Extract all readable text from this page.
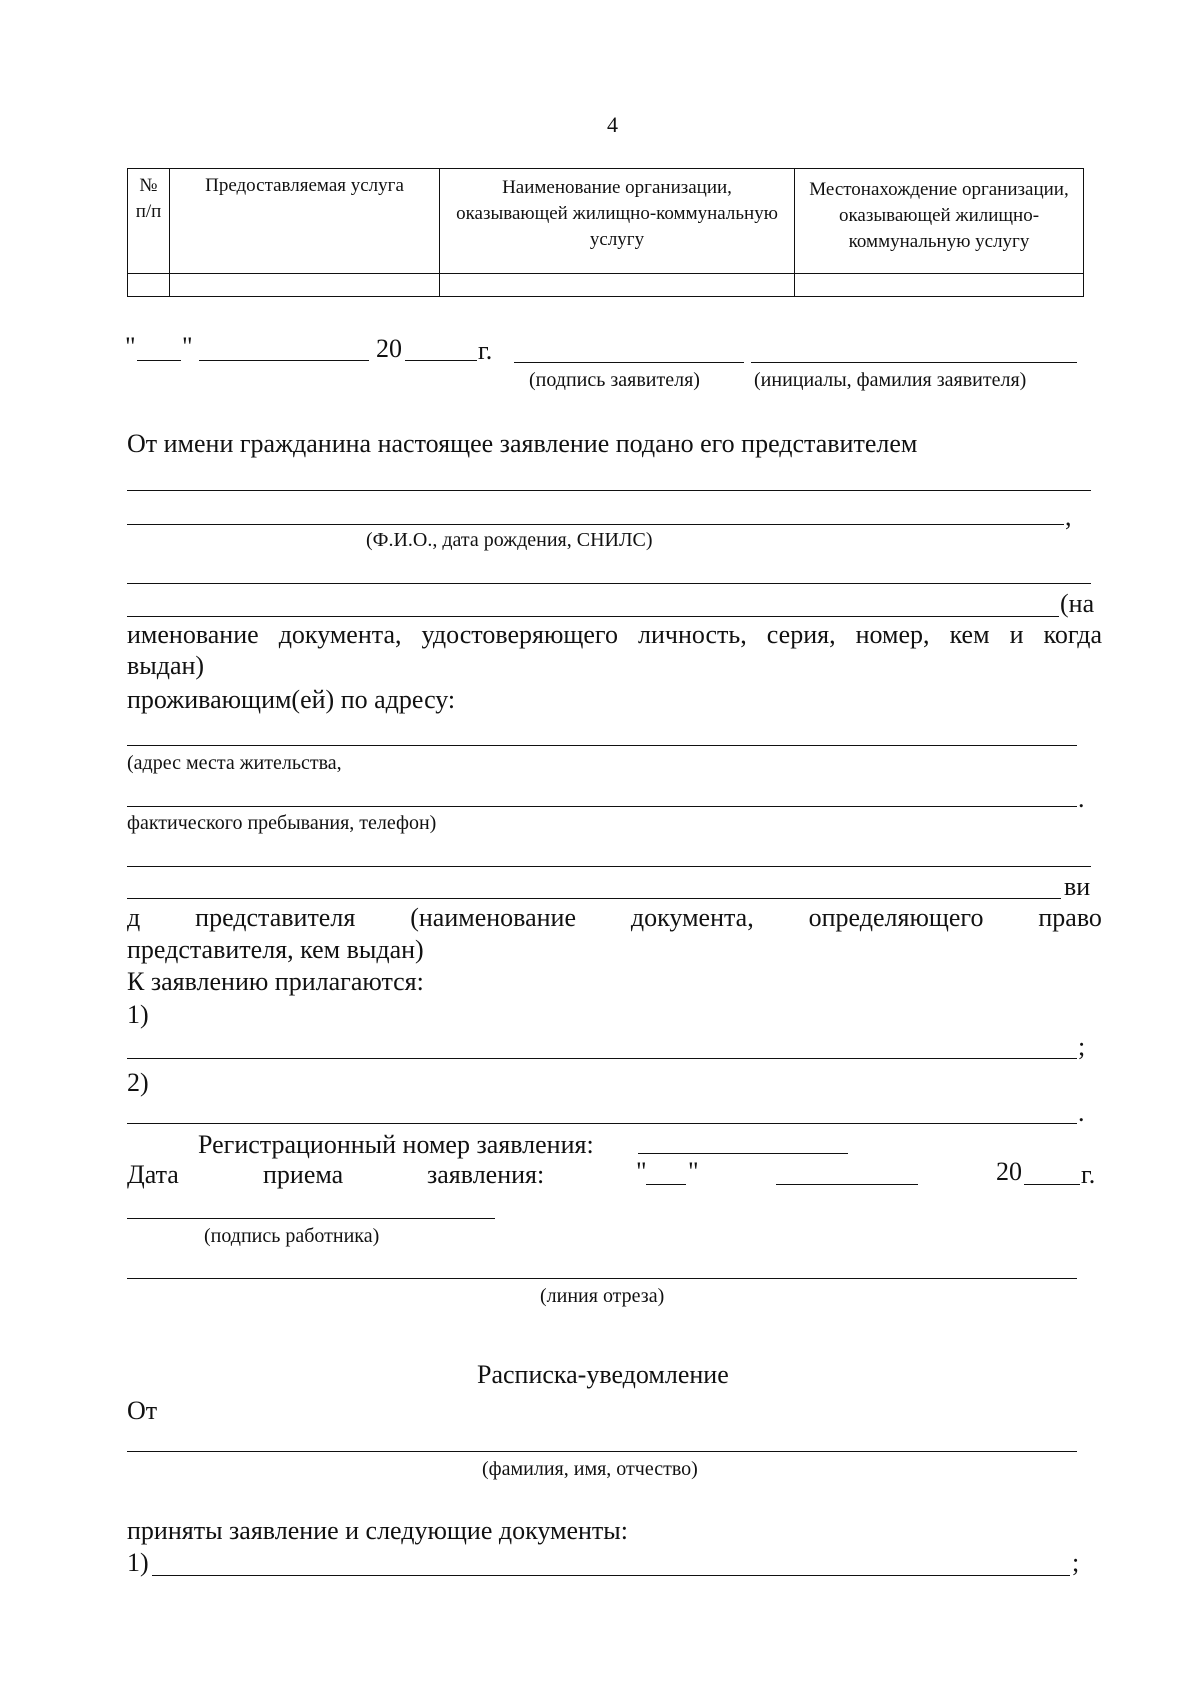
4
№ п/п	Предоставляемая услуга	Наименование организации, оказывающей жилищно-коммунальную услугу	Местонахождение организации, оказывающей жилищно-коммунальную услугу

" "	20	г.
(подпись заявителя)	(инициалы, фамилия заявителя)
От имени гражданина настоящее заявление подано его представителем
,
(Ф.И.О., дата рождения, СНИЛС)
(на
именование документа, удостоверяющего личность, серия, номер, кем и когда
выдан)
проживающим(ей) по адресу:
(адрес места жительства,
.
фактического пребывания, телефон)
ви
д представителя (наименование документа, определяющего право
представителя, кем выдан)
К заявлению прилагаются:
1)
;
2)
.
Регистрационный номер заявления:
Дата	приема	заявления:	" "	20 г.
(подпись работника)
(линия отреза)
Расписка-уведомление
От
(фамилия, имя, отчество)
приняты заявление и следующие документы:
1)	;
